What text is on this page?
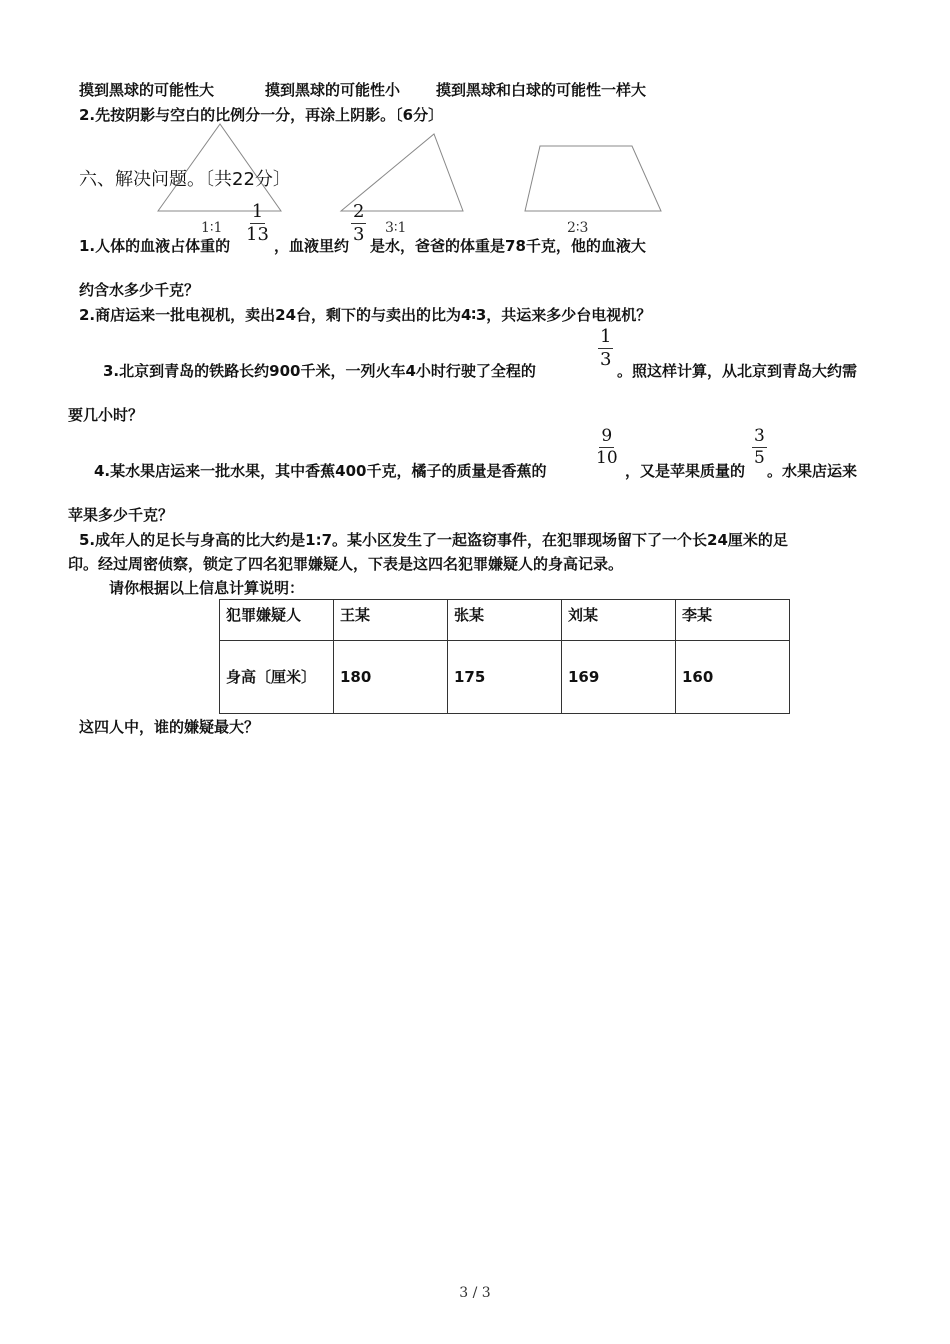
摸到黑球的可能性大	摸到黑球的可能性小 摸到黑球和白球的可能性一样大
2.先按阴影与空白的比例分一分，再涂上阴影。〔6分〕
六、解决问题。〔共22分〕
1∶1	3∶1	2∶3
1.人体的血液占体重的
$\frac{1}{13}$
，血液里约
$\frac{2}{3}$
是水，爸爸的体重是78千克，他的血液大
约含水多少千克？
2.商店运来一批电视机，卖出24台，剩下的与卖出的比为4∶3，共运来多少台电视机？
3.北京到青岛的铁路长约900千米，一列火车4小时行驶了全程的
$\frac{1}{3}$
。照这样计算，从北京到青岛大约需
要几小时？
4.某水果店运来一批水果，其中香蕉400千克，橘子的质量是香蕉的
$\frac{9}{10}$
，又是苹果质量的
$\frac{3}{5}$
。水果店运来
苹果多少千克？
5.成年人的足长与身高的比大约是1:7。某小区发生了一起盗窃事件，在犯罪现场留下了一个长24厘米的足
印。经过周密侦察，锁定了四名犯罪嫌疑人，下表是这四名犯罪嫌疑人的身高记录。
请你根据以上信息计算说明：
犯罪嫌疑人	王某	张某	刘某	李某
身高〔厘米〕	180	175	169	160
这四人中，谁的嫌疑最大？
3 / 3
